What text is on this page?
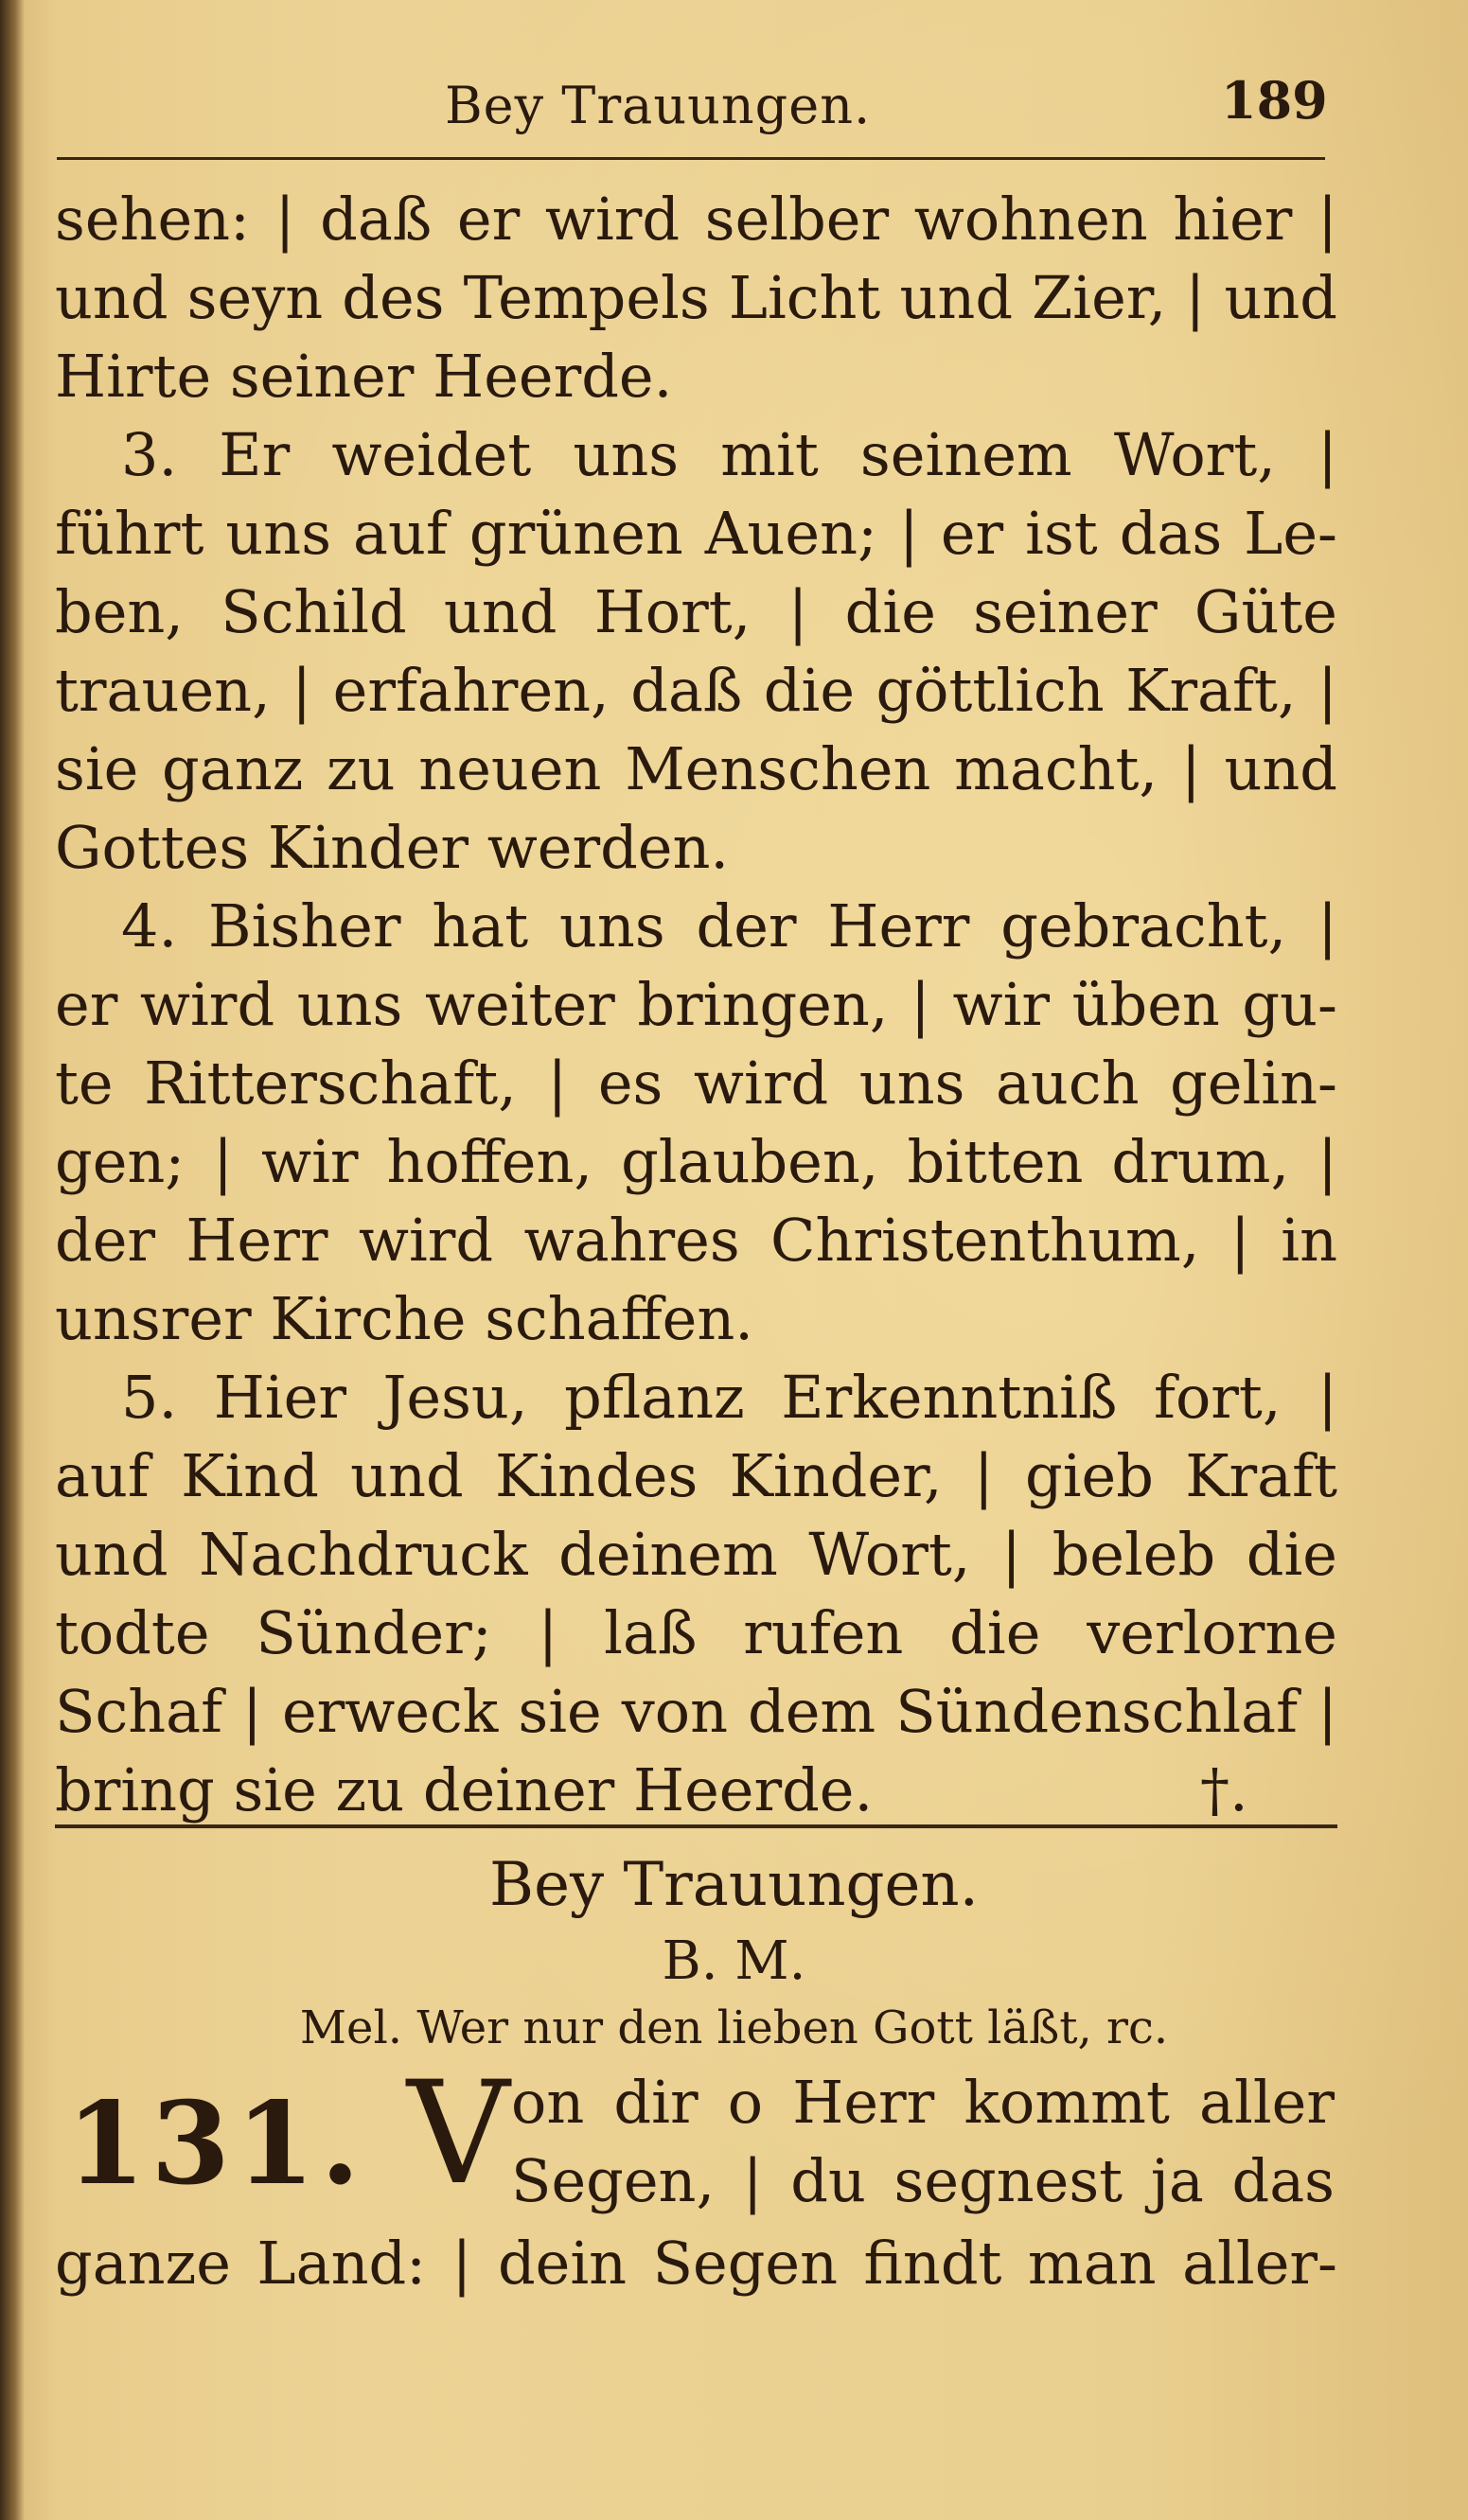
Bey Trauungen.	189
sehen: | daß er wird selber wohnen hier |
und seyn des Tempels Licht und Zier, | und
Hirte seiner Heerde.
3. Er weidet uns mit seinem Wort, |
führt uns auf grünen Auen; | er ist das Le-
ben, Schild und Hort, | die seiner Güte
trauen, | erfahren, daß die göttlich Kraft, |
sie ganz zu neuen Menschen macht, | und
Gottes Kinder werden.
4. Bisher hat uns der Herr gebracht, |
er wird uns weiter bringen, | wir üben gu-
te Ritterschaft, | es wird uns auch gelin-
gen; | wir hoffen, glauben, bitten drum, |
der Herr wird wahres Christenthum, | in
unsrer Kirche schaffen.
5. Hier Jesu, pflanz Erkenntniß fort, |
auf Kind und Kindes Kinder, | gieb Kraft
und Nachdruck deinem Wort, | beleb die
todte Sünder; | laß rufen die verlorne
Schaf | erweck sie von dem Sündenschlaf |
bring sie zu deiner Heerde.	†.
Bey Trauungen.
B. M.
Mel. Wer nur den lieben Gott läßt, rc.
131. V on dir o Herr kommt aller
Segen, | du segnest ja das
ganze Land: | dein Segen findt man aller-
